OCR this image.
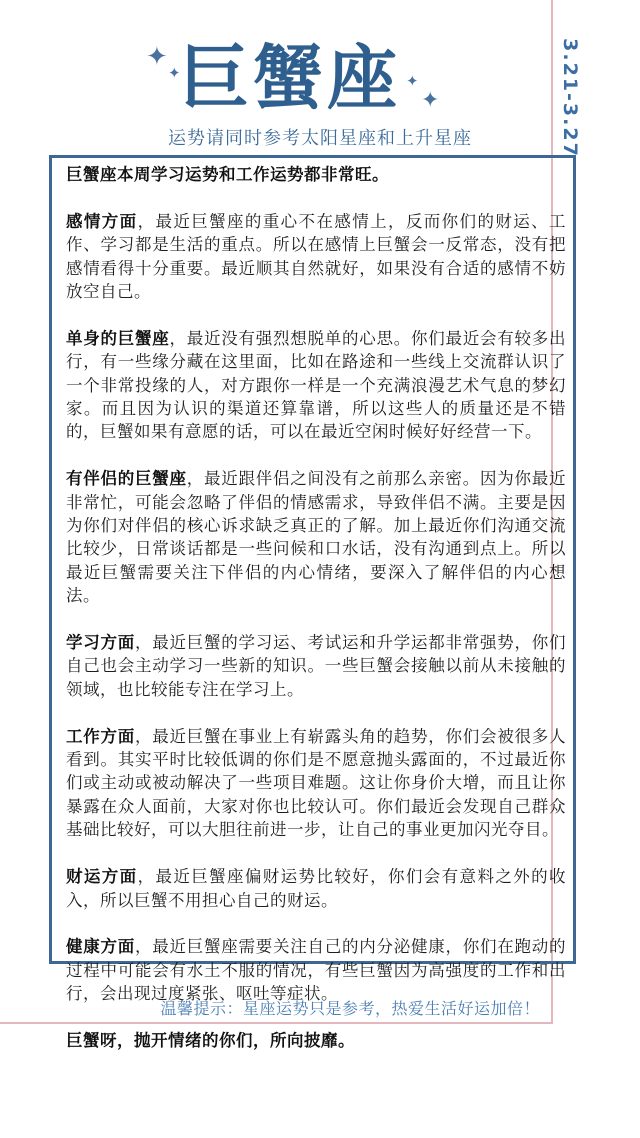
✦
✦	✦
✦
巨蟹座
运势请同时参考太阳星座和上升星座	3.21-3.27

巨蟹座本周学习运势和工作运势都非常旺。

感情方面，最近巨蟹座的重心不在感情上，反而你们的财运、工作、学习都是生活的重点。所以在感情上巨蟹会一反常态，没有把感情看得十分重要。最近顺其自然就好，如果没有合适的感情不妨放空自己。

单身的巨蟹座，最近没有强烈想脱单的心思。你们最近会有较多出行，有一些缘分藏在这里面，比如在路途和一些线上交流群认识了一个非常投缘的人，对方跟你一样是一个充满浪漫艺术气息的梦幻家。而且因为认识的渠道还算靠谱，所以这些人的质量还是不错的，巨蟹如果有意愿的话，可以在最近空闲时候好好经营一下。

有伴侣的巨蟹座，最近跟伴侣之间没有之前那么亲密。因为你最近非常忙，可能会忽略了伴侣的情感需求，导致伴侣不满。主要是因为你们对伴侣的核心诉求缺乏真正的了解。加上最近你们沟通交流比较少，日常谈话都是一些问候和口水话，没有沟通到点上。所以最近巨蟹需要关注下伴侣的内心情绪，要深入了解伴侣的内心想法。

学习方面，最近巨蟹的学习运、考试运和升学运都非常强势，你们自己也会主动学习一些新的知识。一些巨蟹会接触以前从未接触的领域，也比较能专注在学习上。

工作方面，最近巨蟹在事业上有崭露头角的趋势，你们会被很多人看到。其实平时比较低调的你们是不愿意抛头露面的，不过最近你们或主动或被动解决了一些项目难题。这让你身价大增，而且让你暴露在众人面前，大家对你也比较认可。你们最近会发现自己群众基础比较好，可以大胆往前进一步，让自己的事业更加闪光夺目。

财运方面，最近巨蟹座偏财运势比较好，你们会有意料之外的收入，所以巨蟹不用担心自己的财运。

健康方面，最近巨蟹座需要关注自己的内分泌健康，你们在跑动的过程中可能会有水土不服的情况，有些巨蟹因为高强度的工作和出行，会出现过度紧张、呕吐等症状。

巨蟹呀，抛开情绪的你们，所向披靡。

温馨提示：星座运势只是参考，热爱生活好运加倍！
